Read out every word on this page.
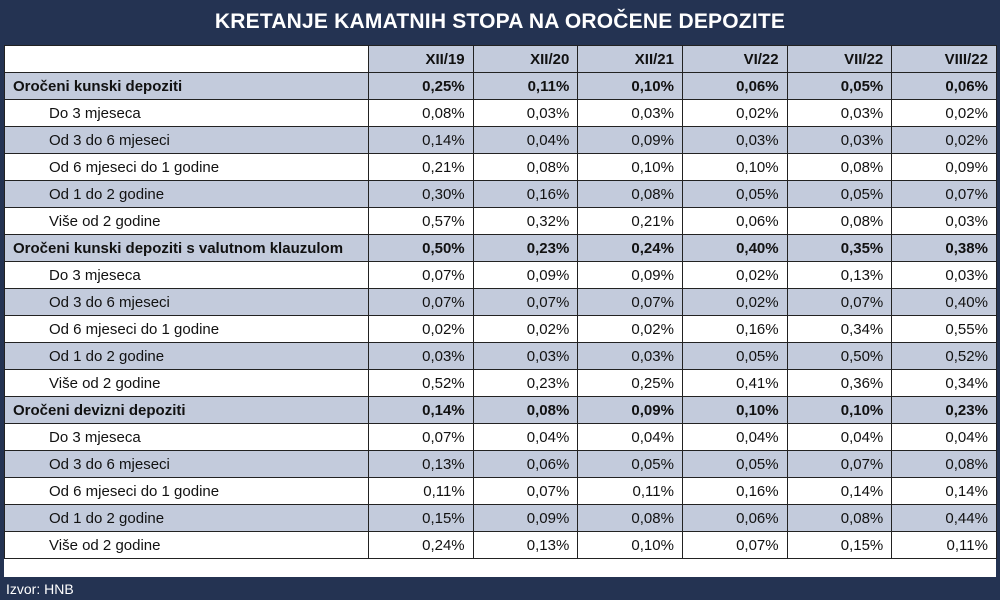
KRETANJE KAMATNIH STOPA NA OROČENE DEPOZITE
	XII/19	XII/20	XII/21	VI/22	VII/22	VIII/22
Oročeni kunski depoziti	0,25%	0,11%	0,10%	0,06%	0,05%	0,06%
Do 3 mjeseca	0,08%	0,03%	0,03%	0,02%	0,03%	0,02%
Od 3 do 6 mjeseci	0,14%	0,04%	0,09%	0,03%	0,03%	0,02%
Od 6 mjeseci do 1 godine	0,21%	0,08%	0,10%	0,10%	0,08%	0,09%
Od 1 do 2 godine	0,30%	0,16%	0,08%	0,05%	0,05%	0,07%
Više od 2 godine	0,57%	0,32%	0,21%	0,06%	0,08%	0,03%
Oročeni kunski depoziti s valutnom klauzulom	0,50%	0,23%	0,24%	0,40%	0,35%	0,38%
Do 3 mjeseca	0,07%	0,09%	0,09%	0,02%	0,13%	0,03%
Od 3 do 6 mjeseci	0,07%	0,07%	0,07%	0,02%	0,07%	0,40%
Od 6 mjeseci do 1 godine	0,02%	0,02%	0,02%	0,16%	0,34%	0,55%
Od 1 do 2 godine	0,03%	0,03%	0,03%	0,05%	0,50%	0,52%
Više od 2 godine	0,52%	0,23%	0,25%	0,41%	0,36%	0,34%
Oročeni devizni depoziti	0,14%	0,08%	0,09%	0,10%	0,10%	0,23%
Do 3 mjeseca	0,07%	0,04%	0,04%	0,04%	0,04%	0,04%
Od 3 do 6 mjeseci	0,13%	0,06%	0,05%	0,05%	0,07%	0,08%
Od 6 mjeseci do 1 godine	0,11%	0,07%	0,11%	0,16%	0,14%	0,14%
Od 1 do 2 godine	0,15%	0,09%	0,08%	0,06%	0,08%	0,44%
Više od 2 godine	0,24%	0,13%	0,10%	0,07%	0,15%	0,11%
Izvor: HNB
